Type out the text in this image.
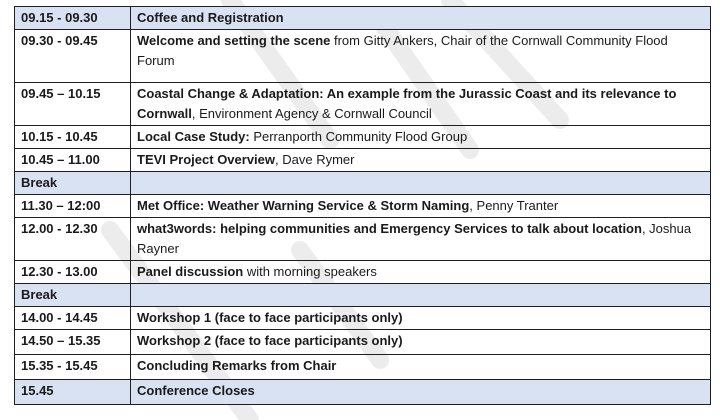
09.15 - 09.30	Coffee and Registration
09.30 - 09.45	Welcome and setting the scene from Gitty Ankers, Chair of the Cornwall Community Flood Forum
09.45 – 10.15	Coastal Change & Adaptation: An example from the Jurassic Coast and its relevance to Cornwall, Environment Agency & Cornwall Council
10.15 - 10.45	Local Case Study: Perranporth Community Flood Group
10.45 – 11.00	TEVI Project Overview, Dave Rymer
Break	
11.30 – 12:00	Met Office: Weather Warning Service & Storm Naming, Penny Tranter
12.00 - 12.30	what3words: helping communities and Emergency Services to talk about location, Joshua Rayner
12.30 - 13.00	Panel discussion with morning speakers
Break	
14.00 - 14.45	Workshop 1 (face to face participants only)
14.50 – 15.35	Workshop 2 (face to face participants only)
15.35 - 15.45	Concluding Remarks from Chair
15.45	Conference Closes
